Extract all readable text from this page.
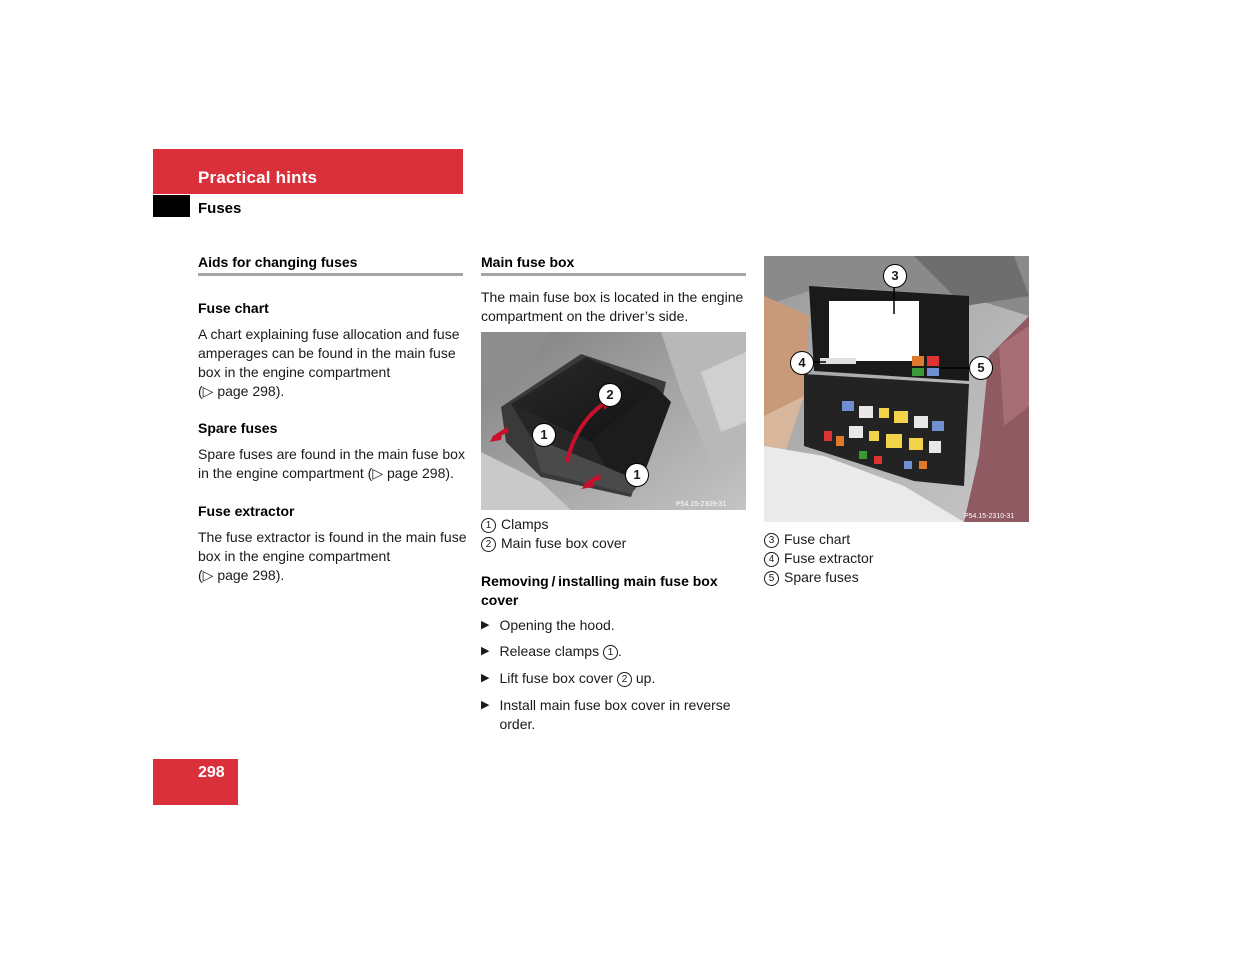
Practical hints
Fuses
Aids for changing fuses
Fuse chart
A chart explaining fuse allocation and fuse
amperages can be found in the main fuse
box in the engine compartment
(▷ page 298).
Spare fuses
Spare fuses are found in the main fuse box
in the engine compartment (▷ page 298).
Fuse extractor
The fuse extractor is found in the main fuse
box in the engine compartment
(▷ page 298).
Main fuse box
The main fuse box is located in the engine
compartment on the driver’s side.
P54.15-2309-31
2
1
1
1 Clamps
2 Main fuse box cover
Removing / installing main fuse box
cover
▶ Opening the hood.
▶ Release clamps 1 .
▶ Lift fuse box cover 2 up.
▶ Install main fuse box cover in reverse
order.
P54.15-2310-31
3
4	5
3 Fuse chart
4 Fuse extractor
5 Spare fuses
298
